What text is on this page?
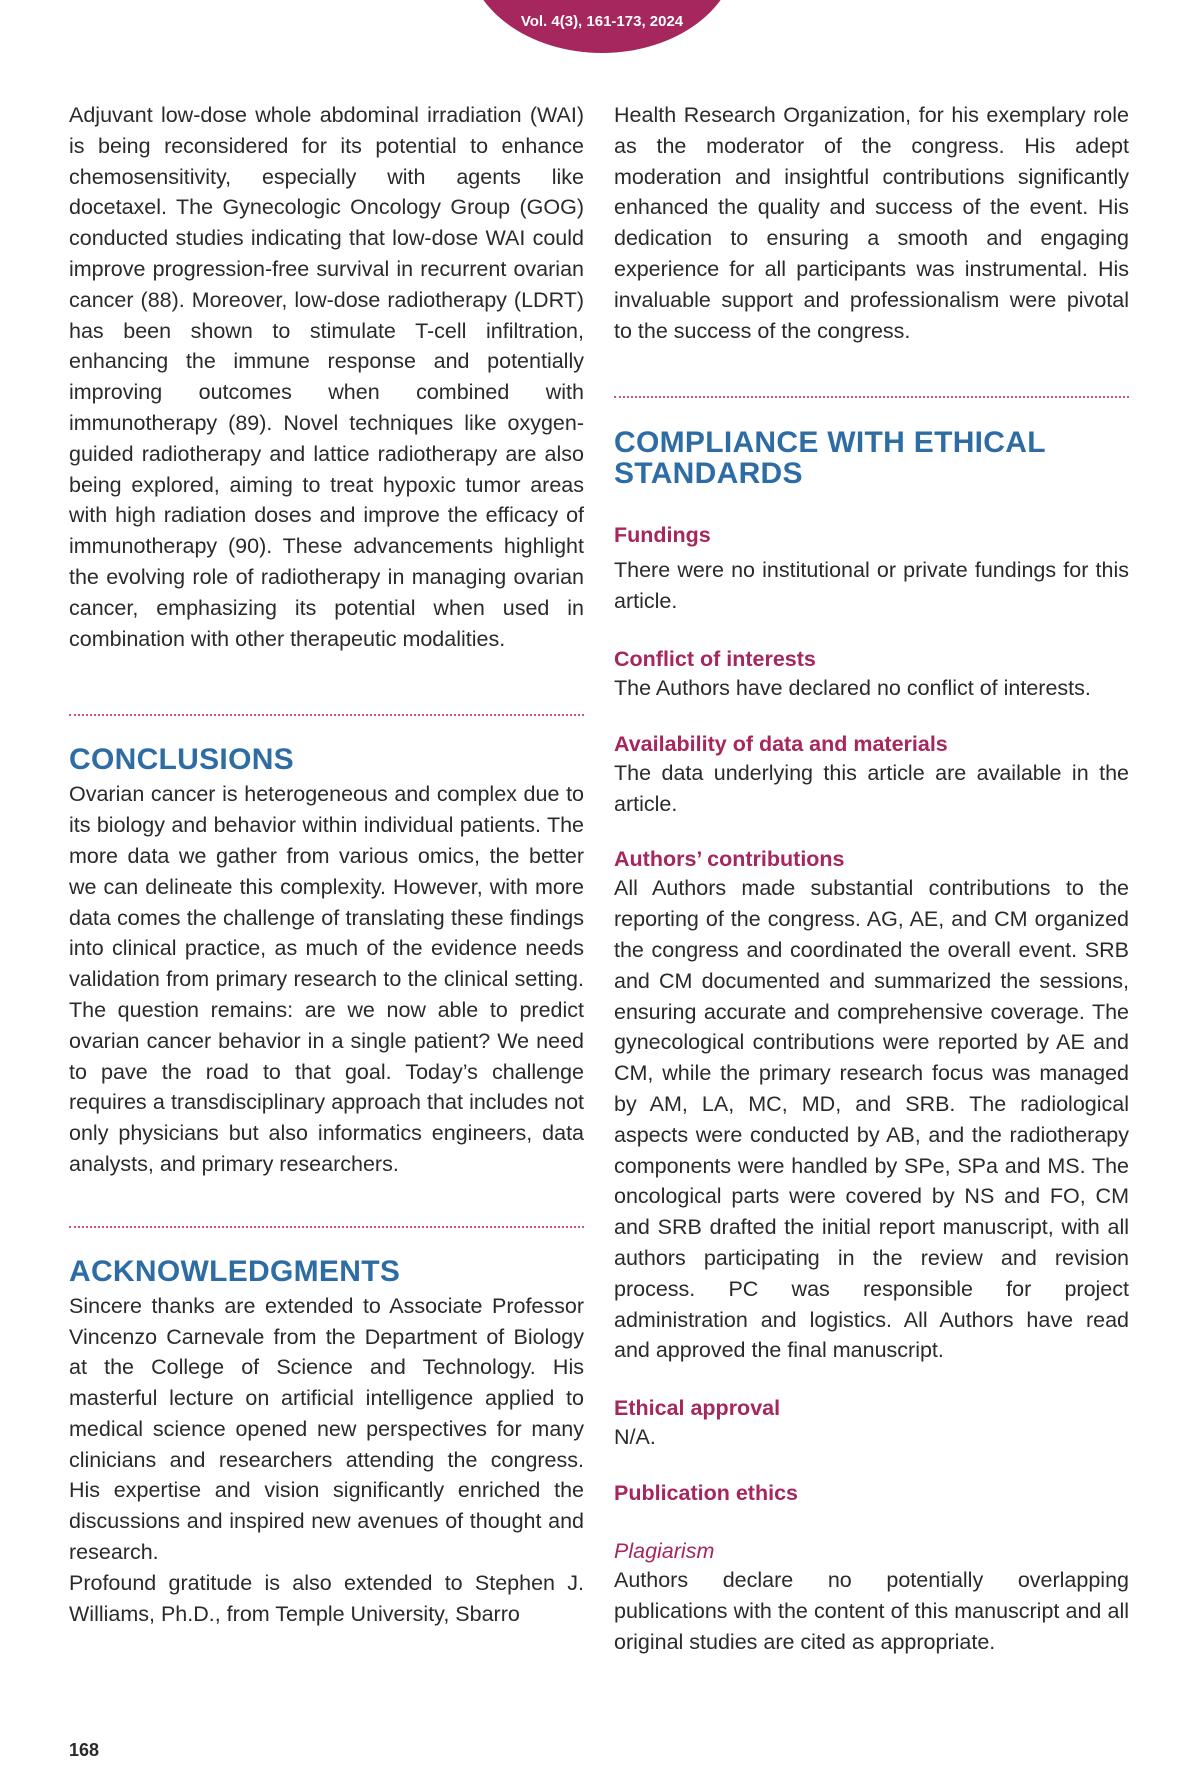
Vol. 4(3), 161-173, 2024

Adjuvant low-dose whole abdominal irradiation (WAI) is being reconsidered for its potential to enhance chemosensitivity, especially with agents like docetaxel. The Gynecologic Oncology Group (GOG) conducted studies indicating that low-dose WAI could improve progression-free survival in recurrent ovarian cancer (88). Moreover, low-dose radiotherapy (LDRT) has been shown to stimulate T-cell infiltration, enhancing the immune response and potentially improving outcomes when combined with immunotherapy (89). Novel techniques like oxygen-guided radiotherapy and lattice radiotherapy are also being explored, aiming to treat hypoxic tumor areas with high radiation doses and improve the efficacy of immunotherapy (90). These advancements highlight the evolving role of radiotherapy in managing ovarian cancer, emphasizing its potential when used in combination with other therapeutic modalities.

CONCLUSIONS

Ovarian cancer is heterogeneous and complex due to its biology and behavior within individual patients. The more data we gather from various omics, the better we can delineate this complexity. However, with more data comes the challenge of translating these findings into clinical practice, as much of the evidence needs validation from primary research to the clinical setting. The question remains: are we now able to predict ovarian cancer behavior in a single patient? We need to pave the road to that goal. Today’s challenge requires a transdisciplinary approach that includes not only physicians but also informatics engineers, data analysts, and primary researchers.

ACKNOWLEDGMENTS

Sincere thanks are extended to Associate Professor Vincenzo Carnevale from the Department of Biology at the College of Science and Technology. His masterful lecture on artificial intelligence applied to medical science opened new perspectives for many clinicians and researchers attending the congress. His expertise and vision significantly enriched the discussions and inspired new avenues of thought and research.

Profound gratitude is also extended to Stephen J. Williams, Ph.D., from Temple University, Sbarro

Health Research Organization, for his exemplary role as the moderator of the congress. His adept moderation and insightful contributions significantly enhanced the quality and success of the event. His dedication to ensuring a smooth and engaging experience for all participants was instrumental. His invaluable support and professionalism were pivotal to the success of the congress.

COMPLIANCE WITH ETHICAL STANDARDS
Fundings

There were no institutional or private fundings for this article.

Conflict of interests

The Authors have declared no conflict of interests.

Availability of data and materials

The data underlying this article are available in the article.

Authors’ contributions

All Authors made substantial contributions to the reporting of the congress. AG, AE, and CM organized the congress and coordinated the overall event. SRB and CM documented and summarized the sessions, ensuring accurate and comprehensive coverage. The gynecological contributions were reported by AE and CM, while the primary research focus was managed by AM, LA, MC, MD, and SRB. The radiological aspects were conducted by AB, and the radiotherapy components were handled by SPe, SPa and MS. The oncological parts were covered by NS and FO, CM and SRB drafted the initial report manuscript, with all authors participating in the review and revision process. PC was responsible for project administration and logistics. All Authors have read and approved the final manuscript.

Ethical approval

N/A.

Publication ethics
Plagiarism

Authors declare no potentially overlapping publications with the content of this manuscript and all original studies are cited as appropriate.

168
